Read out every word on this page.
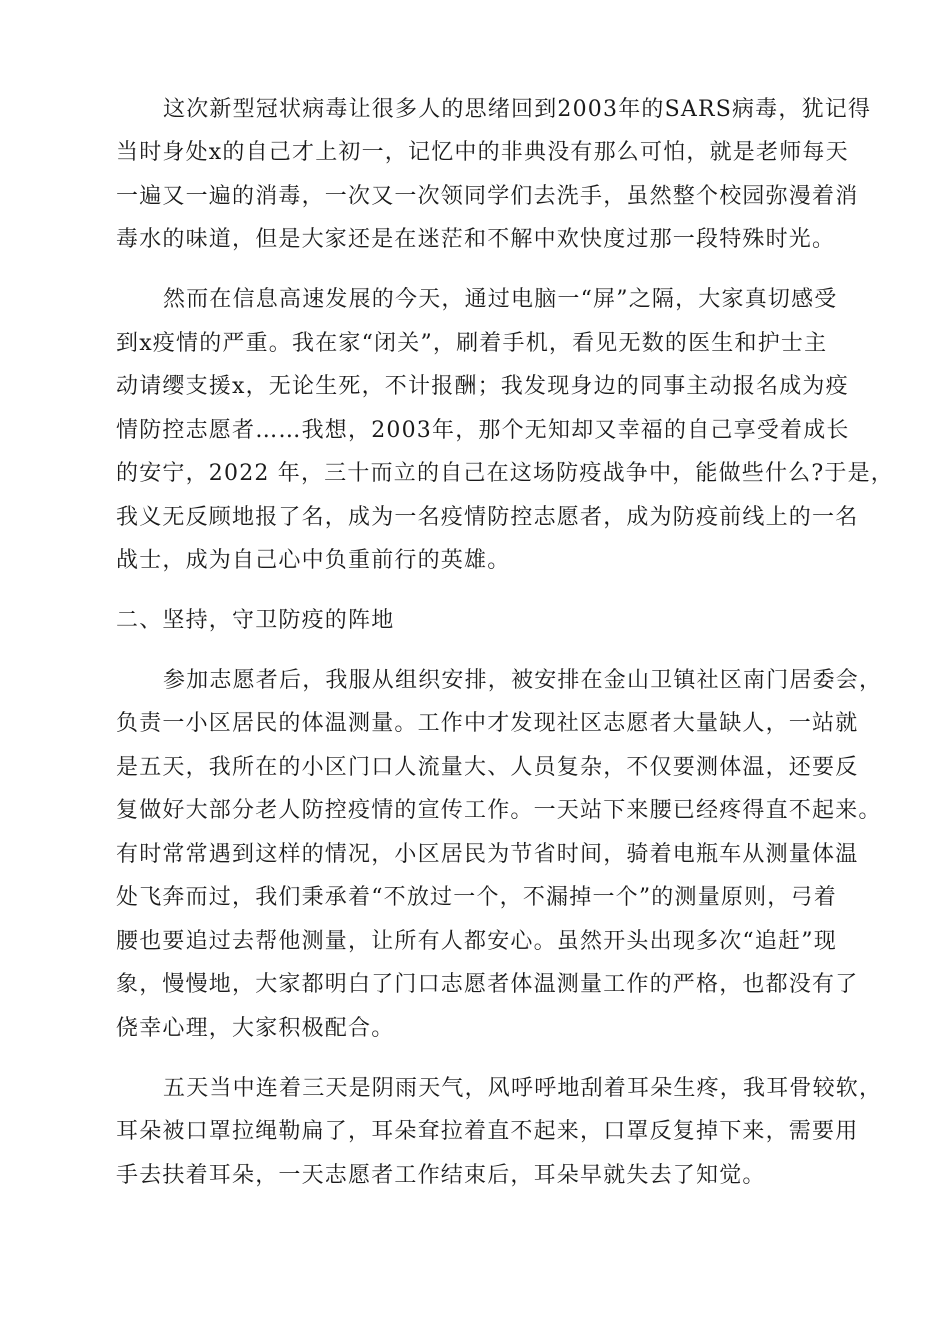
这次新型冠状病毒让很多人的思绪回到2003年的SARS病毒，犹记得
当时身处x的自己才上初一，记忆中的非典没有那么可怕，就是老师每天
一遍又一遍的消毒，一次又一次领同学们去洗手，虽然整个校园弥漫着消
毒水的味道，但是大家还是在迷茫和不解中欢快度过那一段特殊时光。
然而在信息高速发展的今天，通过电脑一“屏”之隔，大家真切感受
到x疫情的严重。我在家“闭关”，刷着手机，看见无数的医生和护士主
动请缨支援x，无论生死，不计报酬；我发现身边的同事主动报名成为疫
情防控志愿者……我想，2003年，那个无知却又幸福的自己享受着成长
的安宁，2022 年，三十而立的自己在这场防疫战争中，能做些什么?于是，
我义无反顾地报了名，成为一名疫情防控志愿者，成为防疫前线上的一名
战士，成为自己心中负重前行的英雄。
二、坚持，守卫防疫的阵地
参加志愿者后，我服从组织安排，被安排在金山卫镇社区南门居委会，
负责一小区居民的体温测量。工作中才发现社区志愿者大量缺人，一站就
是五天，我所在的小区门口人流量大、人员复杂，不仅要测体温，还要反
复做好大部分老人防控疫情的宣传工作。一天站下来腰已经疼得直不起来。
有时常常遇到这样的情况，小区居民为节省时间，骑着电瓶车从测量体温
处飞奔而过，我们秉承着“不放过一个，不漏掉一个”的测量原则，弓着
腰也要追过去帮他测量，让所有人都安心。虽然开头出现多次“追赶”现
象，慢慢地，大家都明白了门口志愿者体温测量工作的严格，也都没有了
侥幸心理，大家积极配合。
五天当中连着三天是阴雨天气，风呼呼地刮着耳朵生疼，我耳骨较软，
耳朵被口罩拉绳勒扁了，耳朵耷拉着直不起来，口罩反复掉下来，需要用
手去扶着耳朵，一天志愿者工作结束后，耳朵早就失去了知觉。
